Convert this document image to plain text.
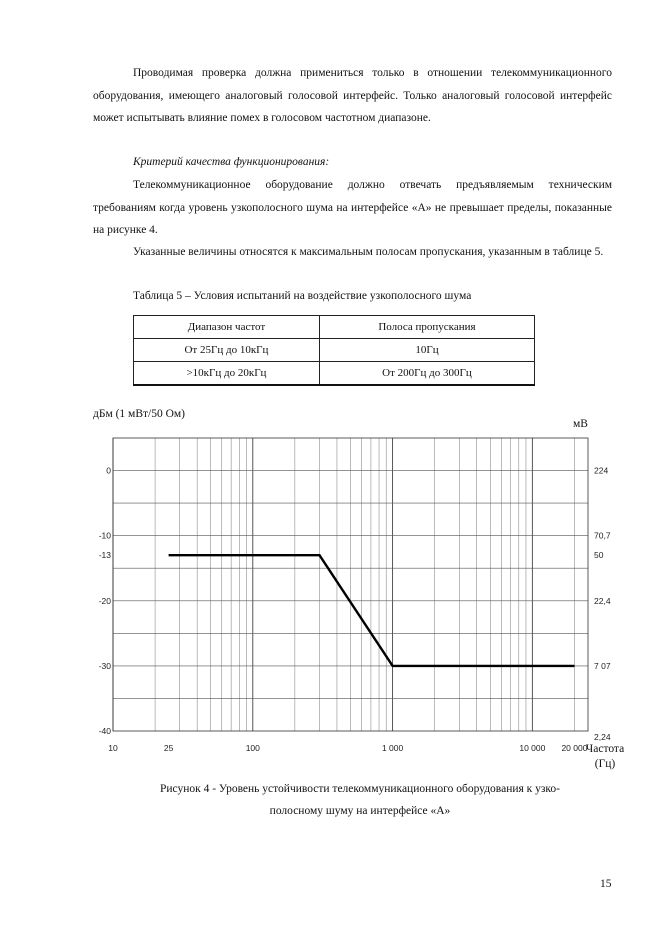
Проводимая проверка должна примениться только в отношении телекоммуникационного оборудования, имеющего аналоговый голосовой интерфейс. Только аналоговый голосовой интерфейс может испытывать влияние помех в голосовом частотном диапазоне.

Критерий качества функционирования:

Телекоммуникационное оборудование должно отвечать предъявляемым техническим требованиям когда уровень узкополосного шума на интерфейсе «А» не превышает пределы, показанные на рисунке 4.

Указанные величины относятся к максимальным полосам пропускания, указанным в таблице 5.

Таблица 5 – Условия испытаний на воздействие узкополосного шума
Диапазон частот	Полоса пропускания
От 25Гц до 10кГц	10Гц
>10кГц до 20кГц	От 200Гц до 300Гц
дБм (1 мВт/50 Ом)
мВ
10	25	100	1 000	10 000 20 000
0
-10
-13
-20
-30
-40
224
70,7
50
22,4
7 07
2,24
Частота
(Гц)
Рисунок 4 - Уровень устойчивости телекоммуникационного оборудования к узко-
полосному шуму на интерфейсе «А»
15
